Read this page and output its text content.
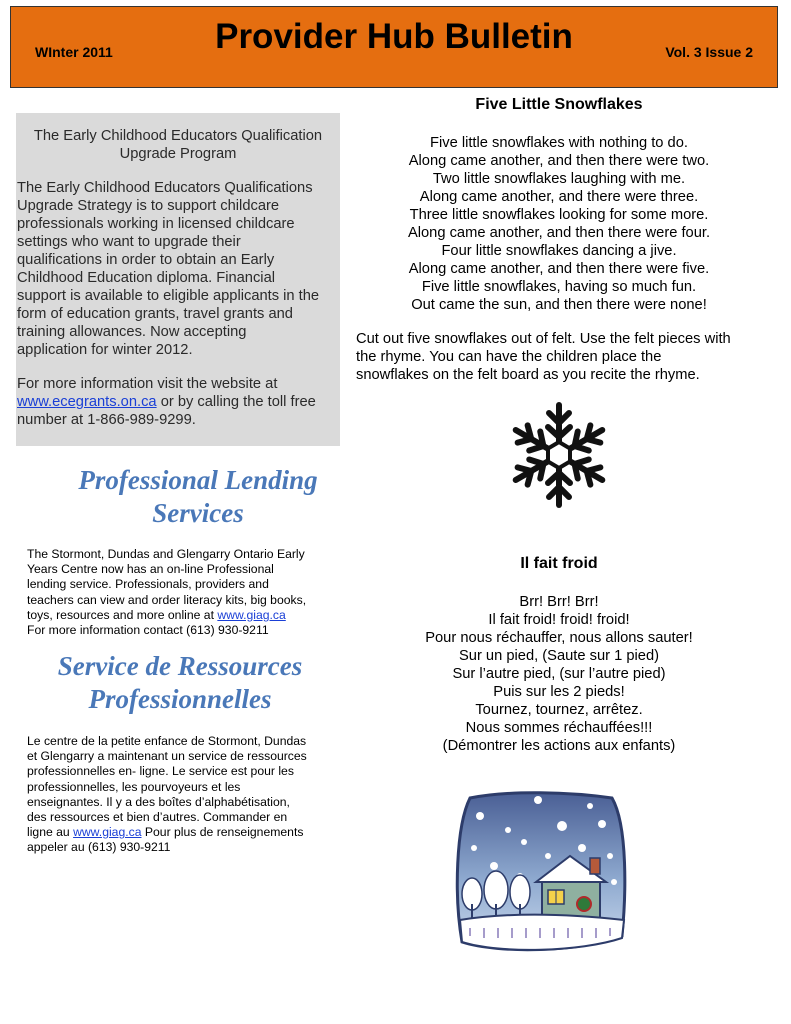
WInter 2011	Provider Hub Bulletin	Vol. 3 Issue 2
The Early Childhood Educators Qualification
Upgrade Program
The Early Childhood Educators Qualifications
Upgrade Strategy is to support childcare
professionals working in licensed childcare
settings who want to upgrade their
qualifications in order to obtain an Early
Childhood Education diploma. Financial
support is available to eligible applicants in the
form of education grants, travel grants and
training allowances. Now accepting
application for winter 2012.
For more information visit the website at
www.ecegrants.on.ca or by calling the toll free
number at 1-866-989-9299.
Professional Lending
Services
The Stormont, Dundas and Glengarry Ontario Early
Years Centre now has an on-line Professional
lending service. Professionals, providers and
teachers can view and order literacy kits, big books,
toys, resources and more online at www.giag.ca
For more information contact (613) 930-9211
Service de Ressources
Professionnelles
Le centre de la petite enfance de Stormont, Dundas
et Glengarry a maintenant un service de ressources
professionnelles en- ligne. Le service est pour les
professionnelles, les pourvoyeurs et les
enseignantes. Il y a des boîtes d’alphabétisation,
des ressources et bien d’autres. Commander en
ligne au www.giag.ca Pour plus de renseignements
appeler au (613) 930-9211
Five Little Snowflakes
Five little snowflakes with nothing to do.
Along came another, and then there were two.
Two little snowflakes laughing with me.
Along came another, and there were three.
Three little snowflakes looking for some more.
Along came another, and then there were four.
Four little snowflakes dancing a jive.
Along came another, and then there were five.
Five little snowflakes, having so much fun.
Out came the sun, and then there were none!
Cut out five snowflakes out of felt. Use the felt pieces with
the rhyme. You can have the children place the
snowflakes on the felt board as you recite the rhyme.
Il fait froid
Brr! Brr! Brr!
Il fait froid! froid! froid!
Pour nous réchauffer, nous allons sauter!
Sur un pied, (Saute sur 1 pied)
Sur l’autre pied, (sur l’autre pied)
Puis sur les 2 pieds!
Tournez, tournez, arrêtez.
Nous sommes réchauffées!!!
(Démontrer les actions aux enfants)
